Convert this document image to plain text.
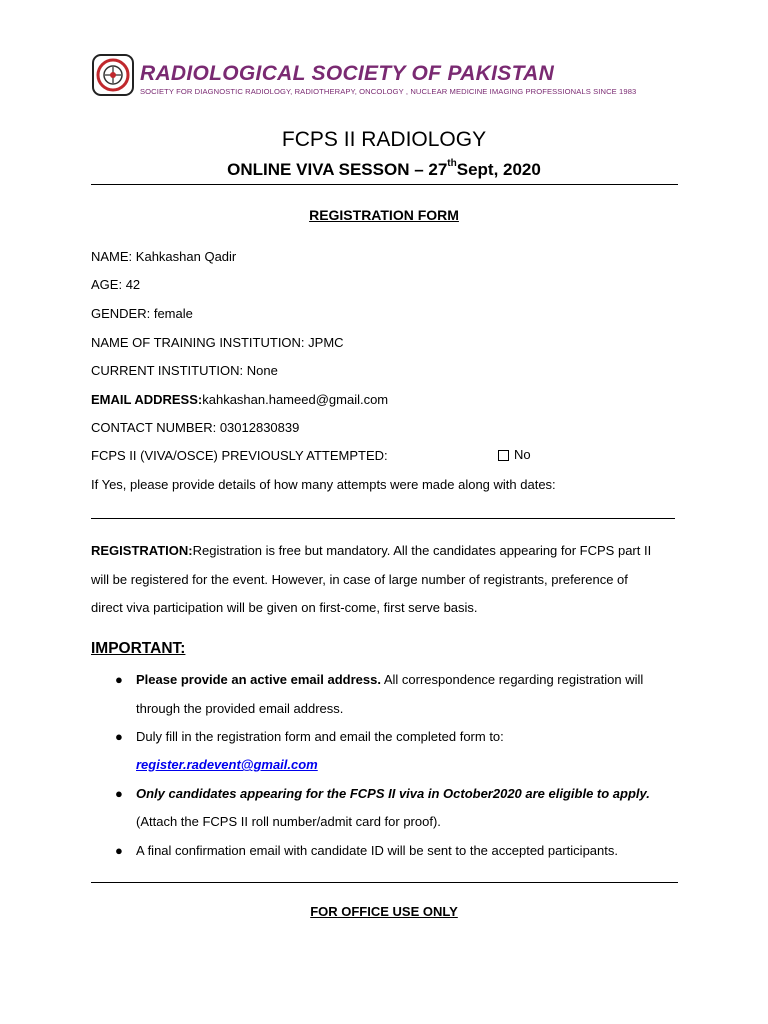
RADIOLOGICAL SOCIETY OF PAKISTAN
SOCIETY FOR DIAGNOSTIC RADIOLOGY, RADIOTHERAPY, ONCOLOGY , NUCLEAR MEDICINE IMAGING PROFESSIONALS SINCE 1983
FCPS II RADIOLOGY
ONLINE VIVA SESSON – 27thSept, 2020
REGISTRATION FORM
NAME: Kahkashan Qadir
AGE: 42
GENDER: female
NAME OF TRAINING INSTITUTION: JPMC
CURRENT INSTITUTION: None
EMAIL ADDRESS:kahkashan.hameed@gmail.com
CONTACT NUMBER: 03012830839
FCPS II (VIVA/OSCE) PREVIOUSLY ATTEMPTED:	No
If Yes, please provide details of how many attempts were made along with dates:
REGISTRATION:Registration is free but mandatory. All the candidates appearing for FCPS part II
will be registered for the event. However, in case of large number of registrants, preference of
direct viva participation will be given on first-come, first serve basis.
IMPORTANT:
● Please provide an active email address. All correspondence regarding registration will
through the provided email address.
● Duly fill in the registration form and email the completed form to:
register.radevent@gmail.com
● Only candidates appearing for the FCPS II viva in October2020 are eligible to apply.
(Attach the FCPS II roll number/admit card for proof).
● A final confirmation email with candidate ID will be sent to the accepted participants.
FOR OFFICE USE ONLY
